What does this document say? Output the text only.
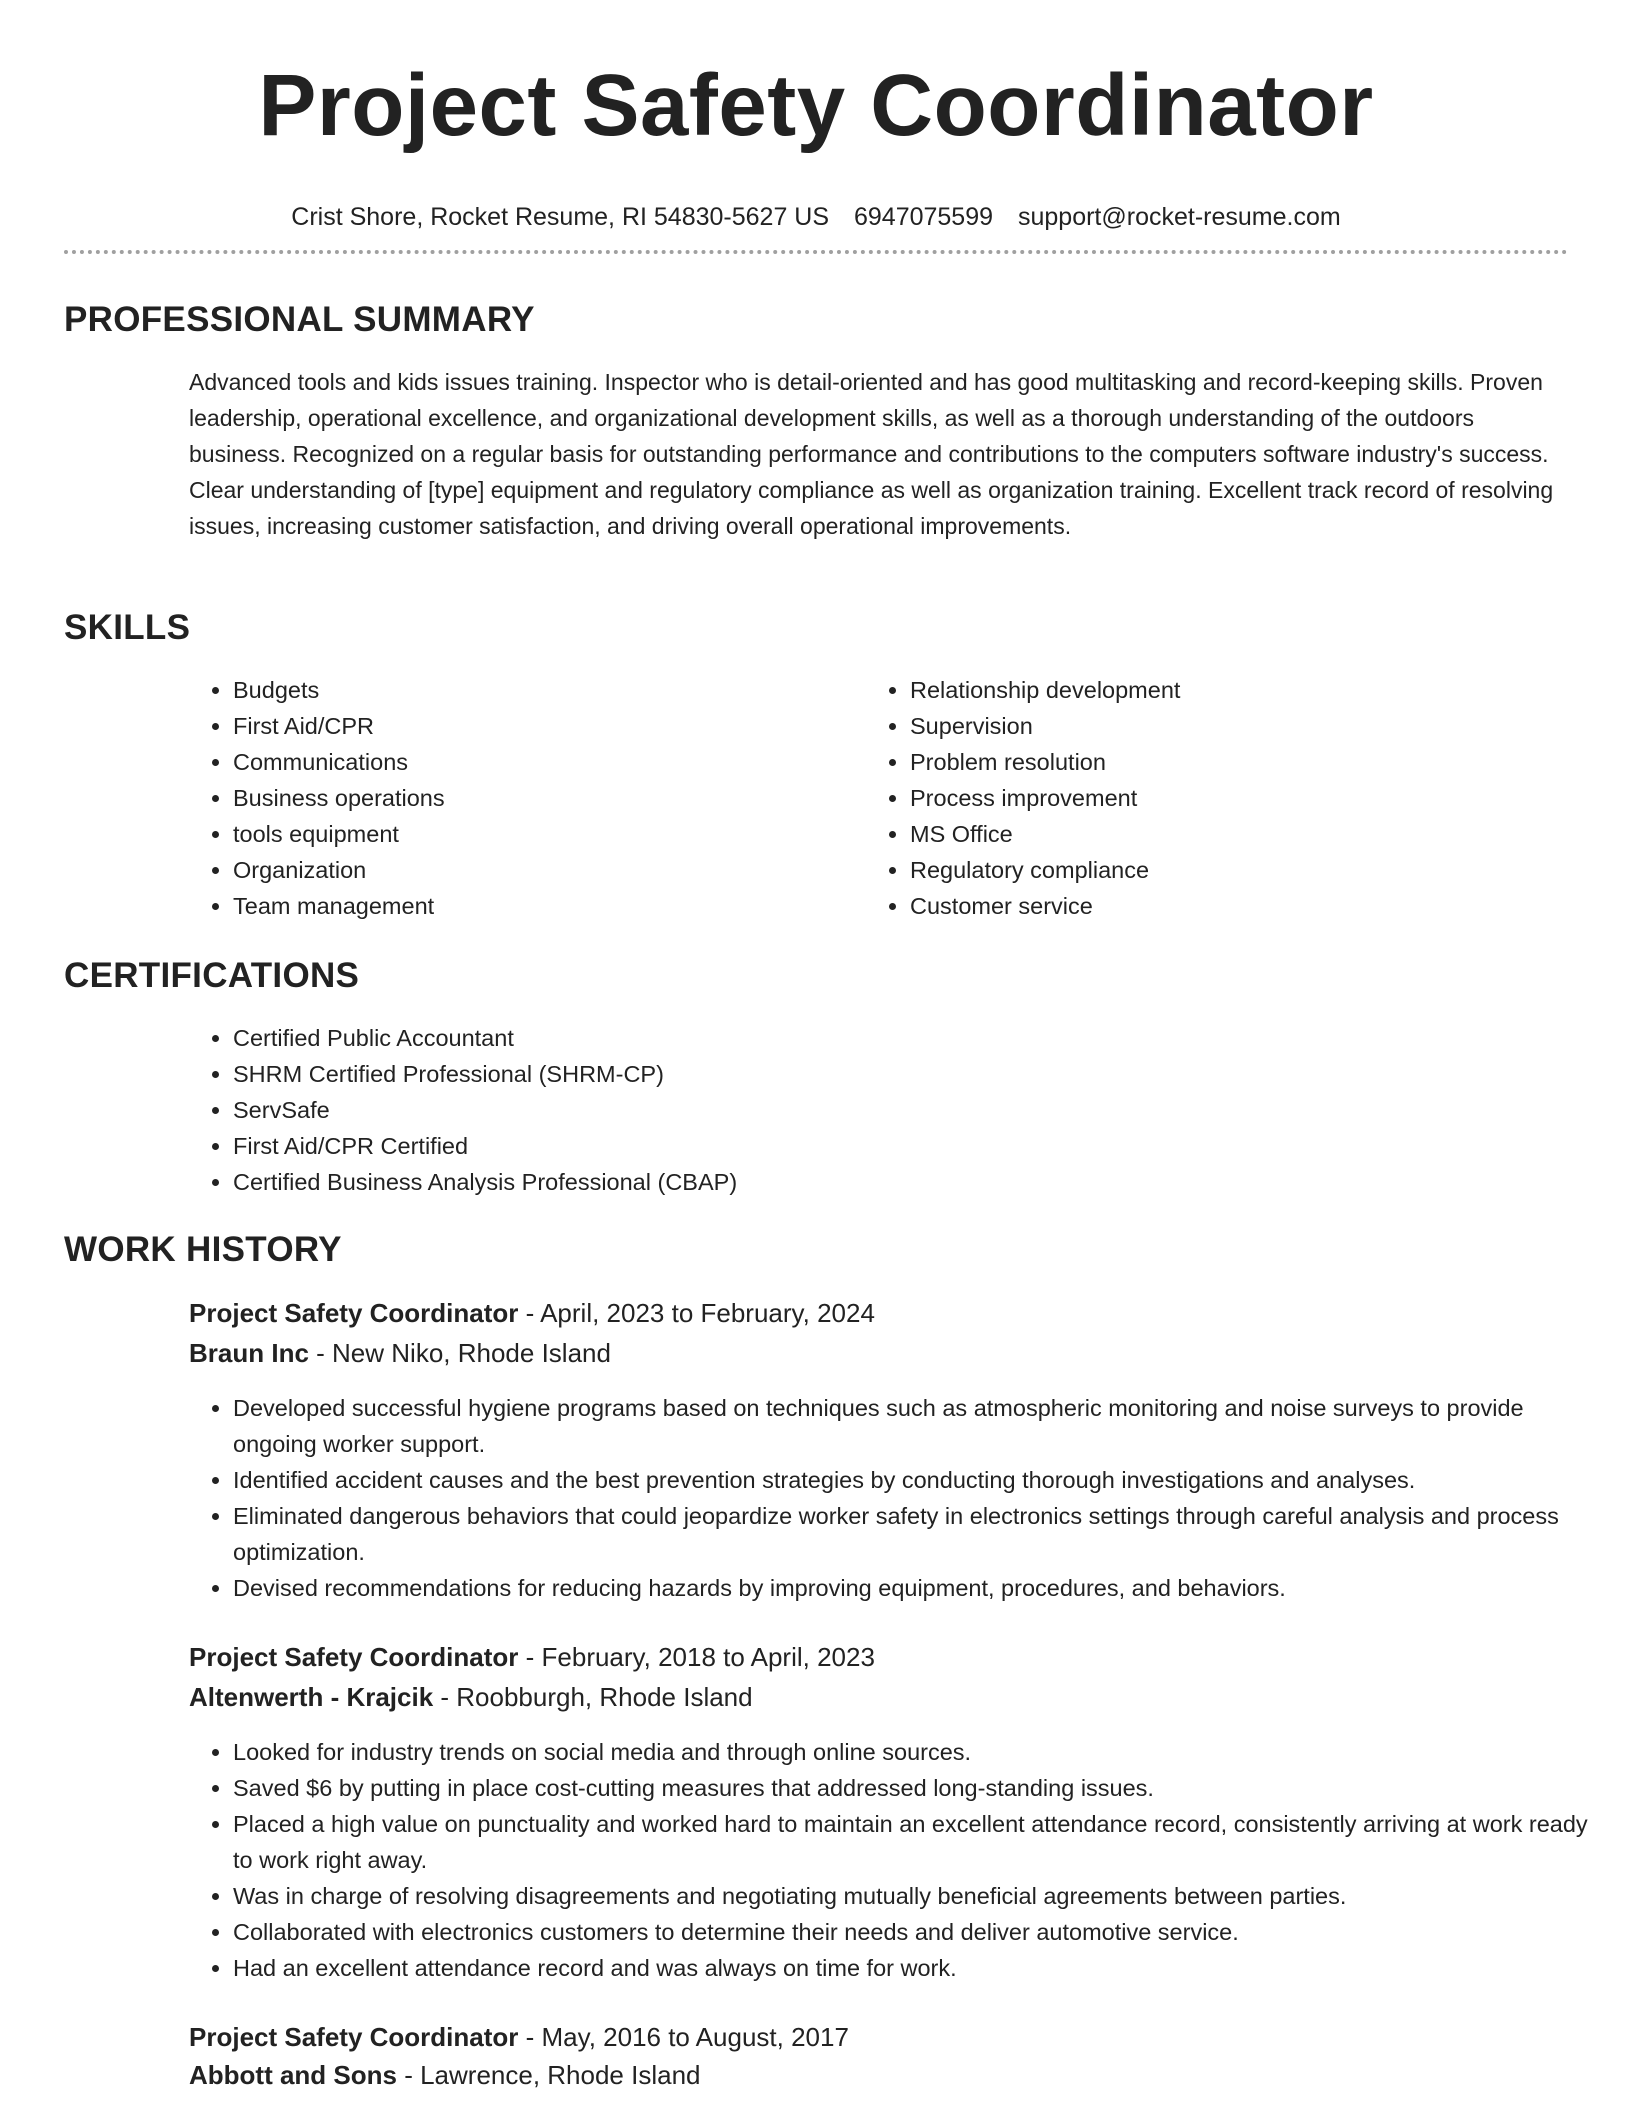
Project Safety Coordinator
Crist Shore, Rocket Resume, RI 54830-5627 US 6947075599 support@rocket-resume.com
PROFESSIONAL SUMMARY

Advanced tools and kids issues training. Inspector who is detail-oriented and has good multitasking and record-keeping skills. Proven leadership, operational excellence, and organizational development skills, as well as a thorough understanding of the outdoors business. Recognized on a regular basis for outstanding performance and contributions to the computers software industry's success. Clear understanding of [type] equipment and regulatory compliance as well as organization training. Excellent track record of resolving issues, increasing customer satisfaction, and driving overall operational improvements.

SKILLS
• Budgets
• First Aid/CPR
• Communications
• Business operations
• tools equipment
• Organization
• Team management
• Relationship development
• Supervision
• Problem resolution
• Process improvement
• MS Office
• Regulatory compliance
• Customer service
CERTIFICATIONS
• Certified Public Accountant
• SHRM Certified Professional (SHRM-CP)
• ServSafe
• First Aid/CPR Certified
• Certified Business Analysis Professional (CBAP)
WORK HISTORY
Project Safety Coordinator - April, 2023 to February, 2024
Braun Inc - New Niko, Rhode Island
• Developed successful hygiene programs based on techniques such as atmospheric monitoring and noise surveys to provide ongoing worker support.
• Identified accident causes and the best prevention strategies by conducting thorough investigations and analyses.
• Eliminated dangerous behaviors that could jeopardize worker safety in electronics settings through careful analysis and process optimization.
• Devised recommendations for reducing hazards by improving equipment, procedures, and behaviors.
Project Safety Coordinator - February, 2018 to April, 2023
Altenwerth - Krajcik - Roobburgh, Rhode Island
• Looked for industry trends on social media and through online sources.
• Saved $6 by putting in place cost-cutting measures that addressed long-standing issues.
• Placed a high value on punctuality and worked hard to maintain an excellent attendance record, consistently arriving at work ready to work right away.
• Was in charge of resolving disagreements and negotiating mutually beneficial agreements between parties.
• Collaborated with electronics customers to determine their needs and deliver automotive service.
• Had an excellent attendance record and was always on time for work.
Project Safety Coordinator - May, 2016 to August, 2017
Abbott and Sons - Lawrence, Rhode Island
